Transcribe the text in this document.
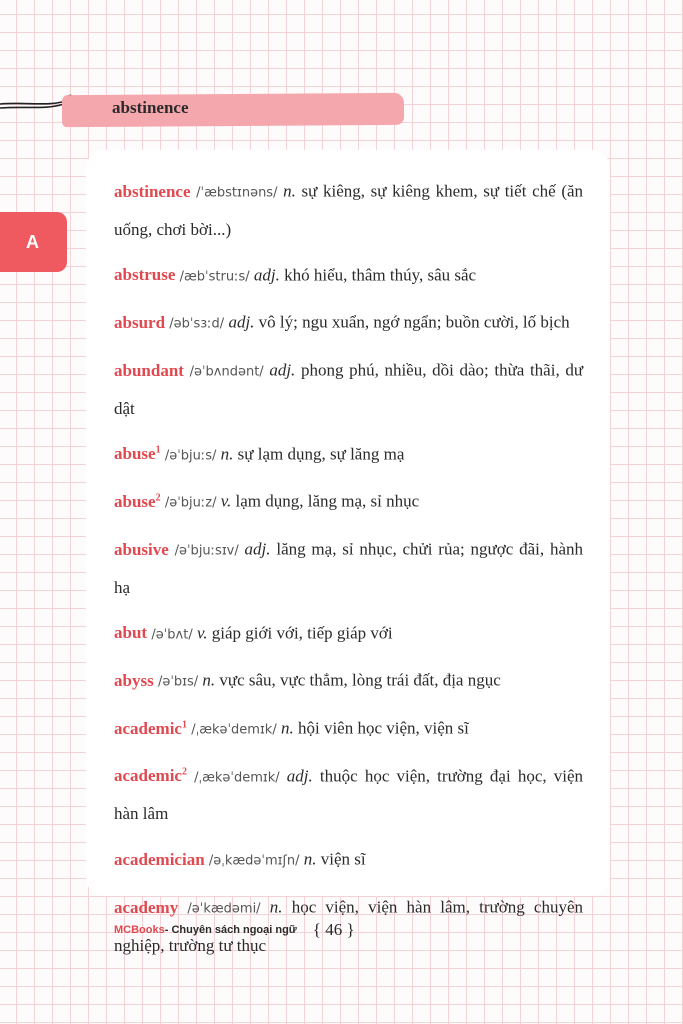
abstinence
A
abstinence /ˈæbstɪnəns/ n. sự kiêng, sự kiêng khem, sự tiết chế (ăn uống, chơi bời...)
abstruse /æbˈstruːs/ adj. khó hiểu, thâm thúy, sâu sắc
absurd /əbˈsɜːd/ adj. vô lý; ngu xuẩn, ngớ ngẩn; buồn cười, lố bịch
abundant /əˈbʌndənt/ adj. phong phú, nhiều, dồi dào; thừa thãi, dư dật
abuse$^1$ /əˈbjuːs/ n. sự lạm dụng, sự lăng mạ
abuse$^2$ /əˈbjuːz/ v. lạm dụng, lăng mạ, sỉ nhục
abusive /əˈbjuːsɪv/ adj. lăng mạ, sỉ nhục, chửi rủa; ngược đãi, hành hạ
abut /əˈbʌt/ v. giáp giới với, tiếp giáp với
abyss /əˈbɪs/ n. vực sâu, vực thẳm, lòng trái đất, địa ngục
academic$^1$ /ˌækəˈdemɪk/ n. hội viên học viện, viện sĩ
academic$^2$ /ˌækəˈdemɪk/ adj. thuộc học viện, trường đại học, viện hàn lâm
academician /əˌkædəˈmɪʃn/ n. viện sĩ
academy /əˈkædəmi/ n. học viện, viện hàn lâm, trường chuyên nghiệp, trường tư thục
MCBooks - Chuyên sách ngoại ngữ { 46 }
